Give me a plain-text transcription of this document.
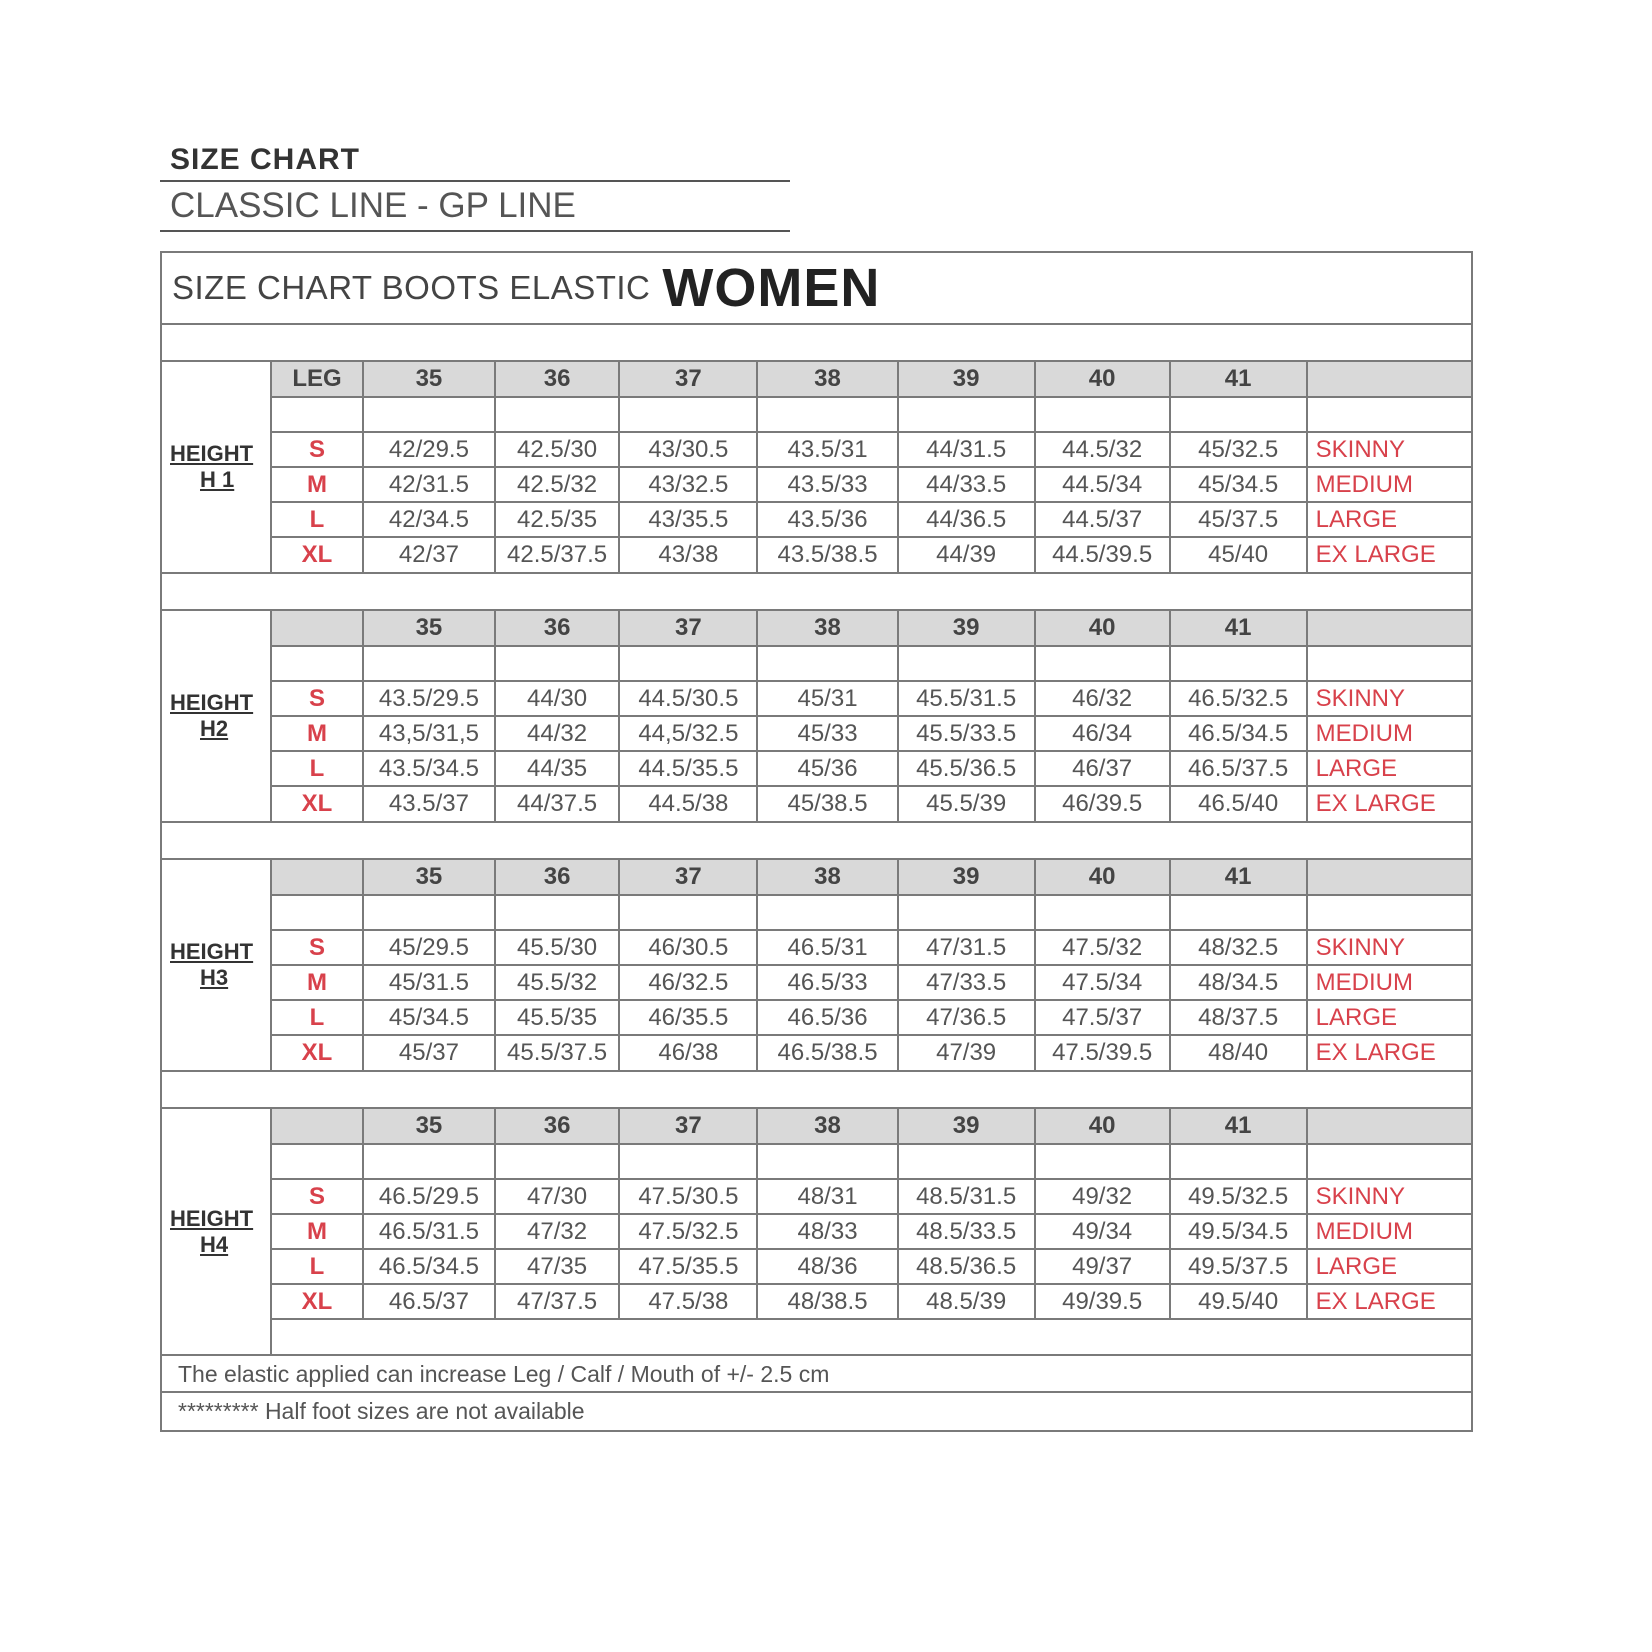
SIZE CHART
CLASSIC LINE - GP LINE
SIZE CHART BOOTS ELASTIC WOMEN
HEIGHT
H 1
LEG	35	36	37	38	39	40	41	

S	42/29.5	42.5/30	43/30.5	43.5/31	44/31.5	44.5/32	45/32.5	SKINNY
M	42/31.5	42.5/32	43/32.5	43.5/33	44/33.5	44.5/34	45/34.5	MEDIUM
L	42/34.5	42.5/35	43/35.5	43.5/36	44/36.5	44.5/37	45/37.5	LARGE
XL	42/37	42.5/37.5	43/38	43.5/38.5	44/39	44.5/39.5	45/40	EX LARGE
HEIGHT
H2
	35	36	37	38	39	40	41	

S	43.5/29.5	44/30	44.5/30.5	45/31	45.5/31.5	46/32	46.5/32.5	SKINNY
M	43,5/31,5	44/32	44,5/32.5	45/33	45.5/33.5	46/34	46.5/34.5	MEDIUM
L	43.5/34.5	44/35	44.5/35.5	45/36	45.5/36.5	46/37	46.5/37.5	LARGE
XL	43.5/37	44/37.5	44.5/38	45/38.5	45.5/39	46/39.5	46.5/40	EX LARGE
HEIGHT
H3
	35	36	37	38	39	40	41	

S	45/29.5	45.5/30	46/30.5	46.5/31	47/31.5	47.5/32	48/32.5	SKINNY
M	45/31.5	45.5/32	46/32.5	46.5/33	47/33.5	47.5/34	48/34.5	MEDIUM
L	45/34.5	45.5/35	46/35.5	46.5/36	47/36.5	47.5/37	48/37.5	LARGE
XL	45/37	45.5/37.5	46/38	46.5/38.5	47/39	47.5/39.5	48/40	EX LARGE
HEIGHT
H4
	35	36	37	38	39	40	41	

S	46.5/29.5	47/30	47.5/30.5	48/31	48.5/31.5	49/32	49.5/32.5	SKINNY
M	46.5/31.5	47/32	47.5/32.5	48/33	48.5/33.5	49/34	49.5/34.5	MEDIUM
L	46.5/34.5	47/35	47.5/35.5	48/36	48.5/36.5	49/37	49.5/37.5	LARGE
XL	46.5/37	47/37.5	47.5/38	48/38.5	48.5/39	49/39.5	49.5/40	EX LARGE

The elastic applied can increase Leg / Calf / Mouth of +/- 2.5 cm
********* Half foot sizes are not available
